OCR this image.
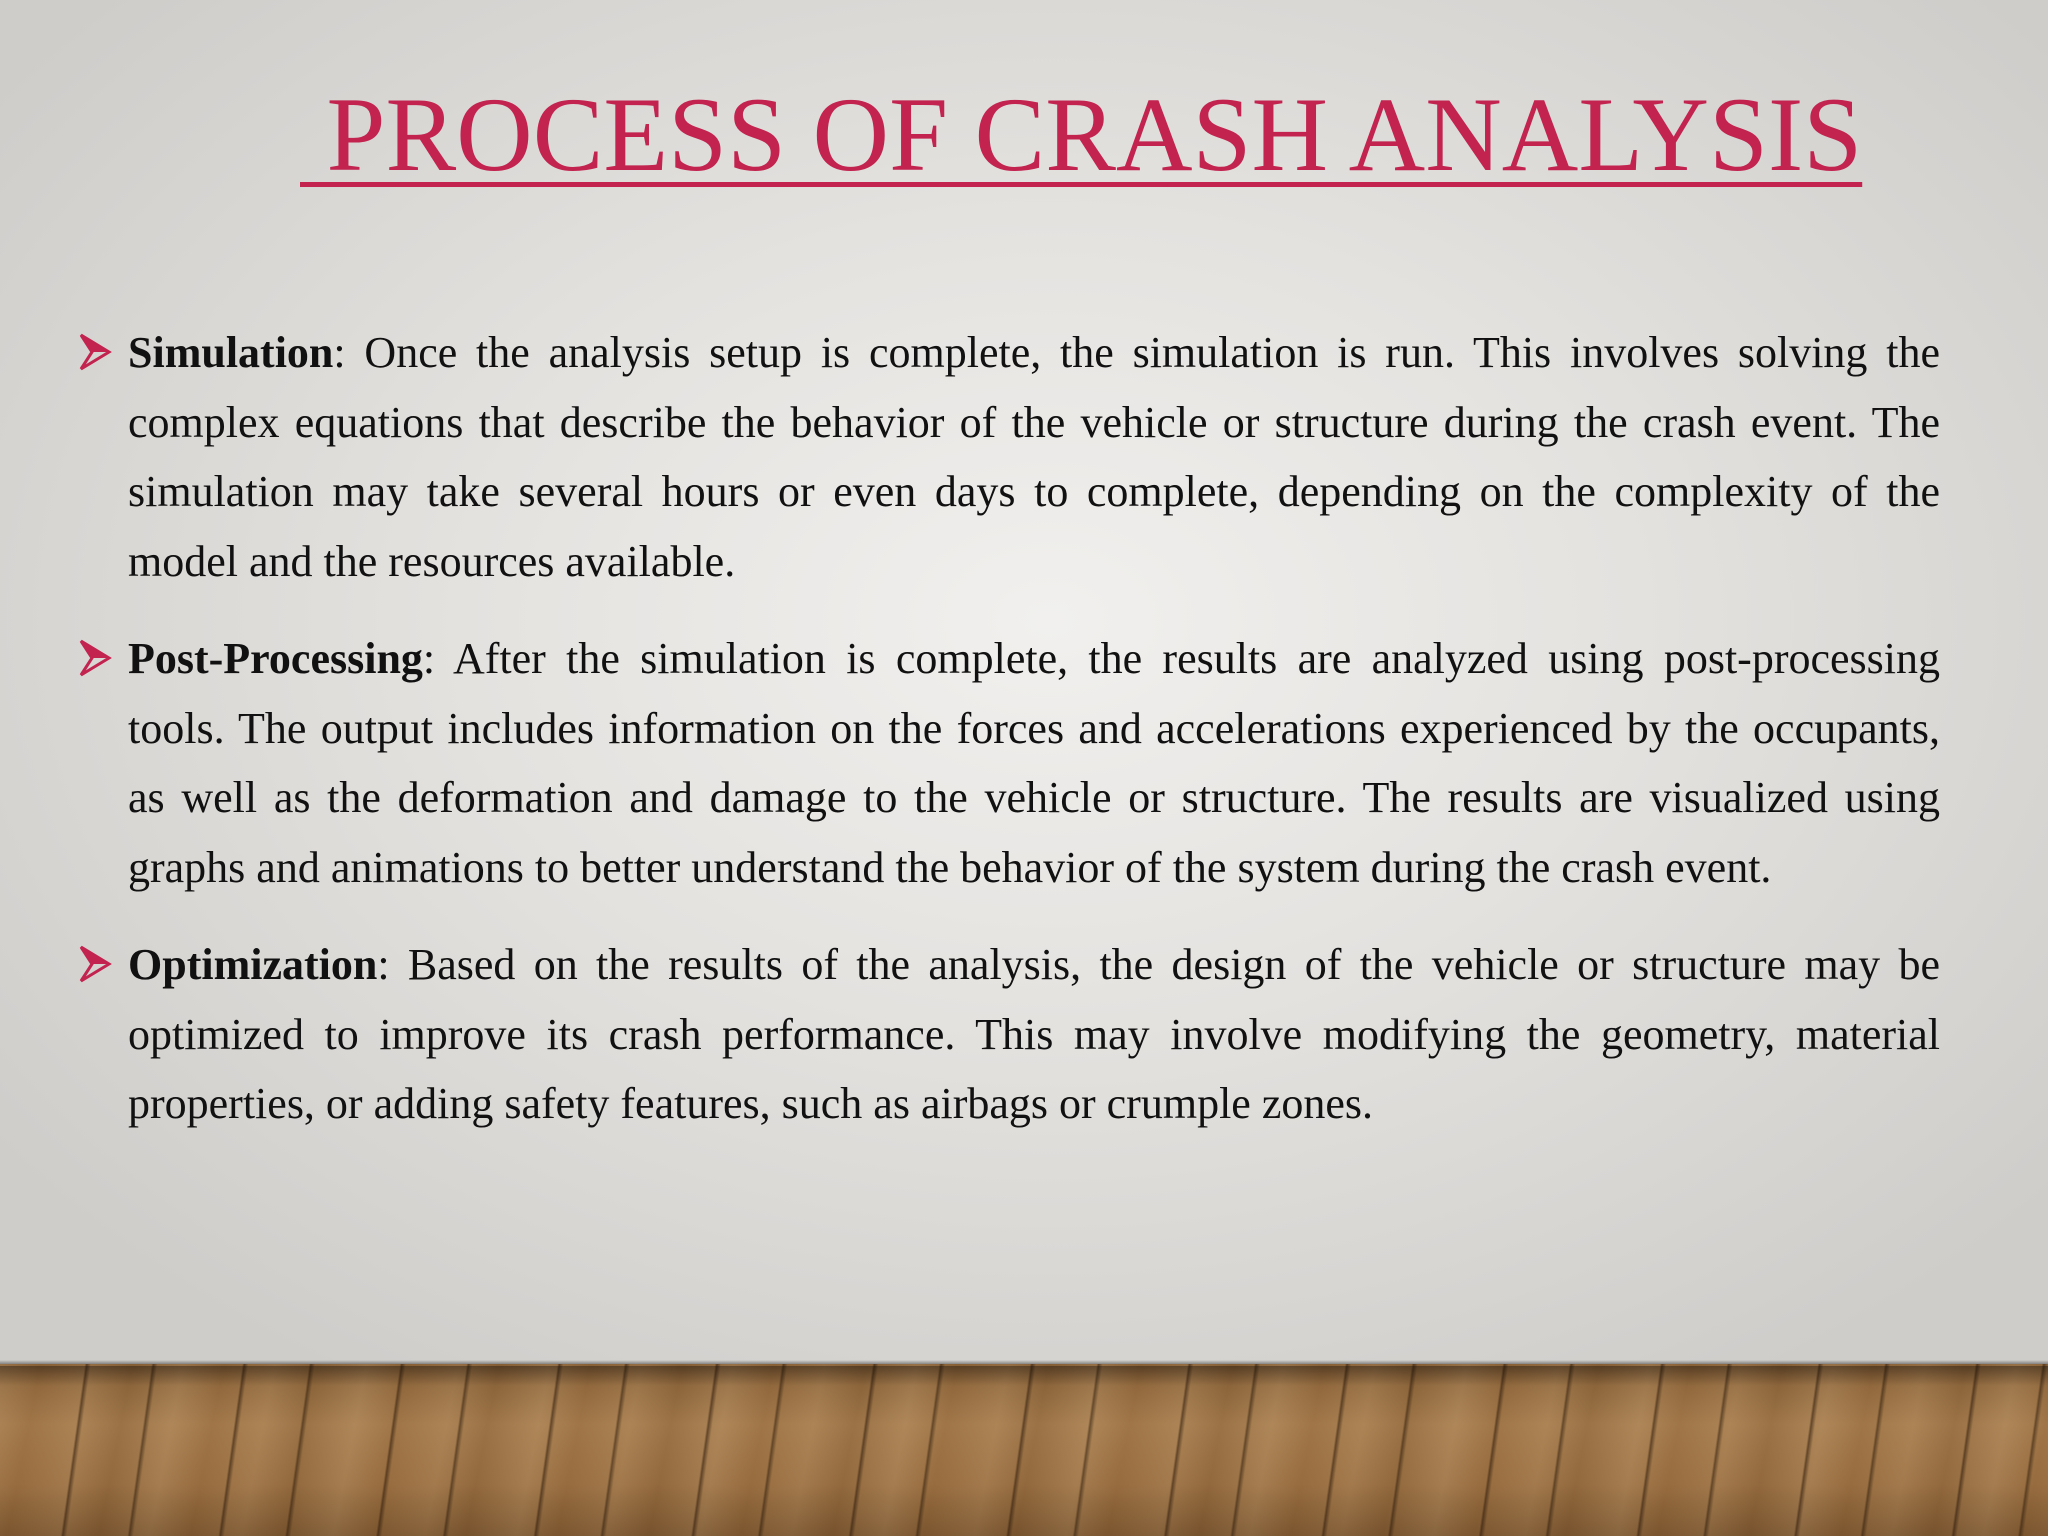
PROCESS OF CRASH ANALYSIS
Simulation: Once the analysis setup is complete, the simulation is run. This involves solving the complex equations that describe the behavior of the vehicle or structure during the crash event. The simulation may take several hours or even days to complete, depending on the complexity of the model and the resources available.
Post-Processing: After the simulation is complete, the results are analyzed using post-processing tools. The output includes information on the forces and accelerations experienced by the occupants, as well as the deformation and damage to the vehicle or structure. The results are visualized using graphs and animations to better understand the behavior of the system during the crash event.
Optimization: Based on the results of the analysis, the design of the vehicle or structure may be optimized to improve its crash performance. This may involve modifying the geometry, material properties, or adding safety features, such as airbags or crumple zones.
